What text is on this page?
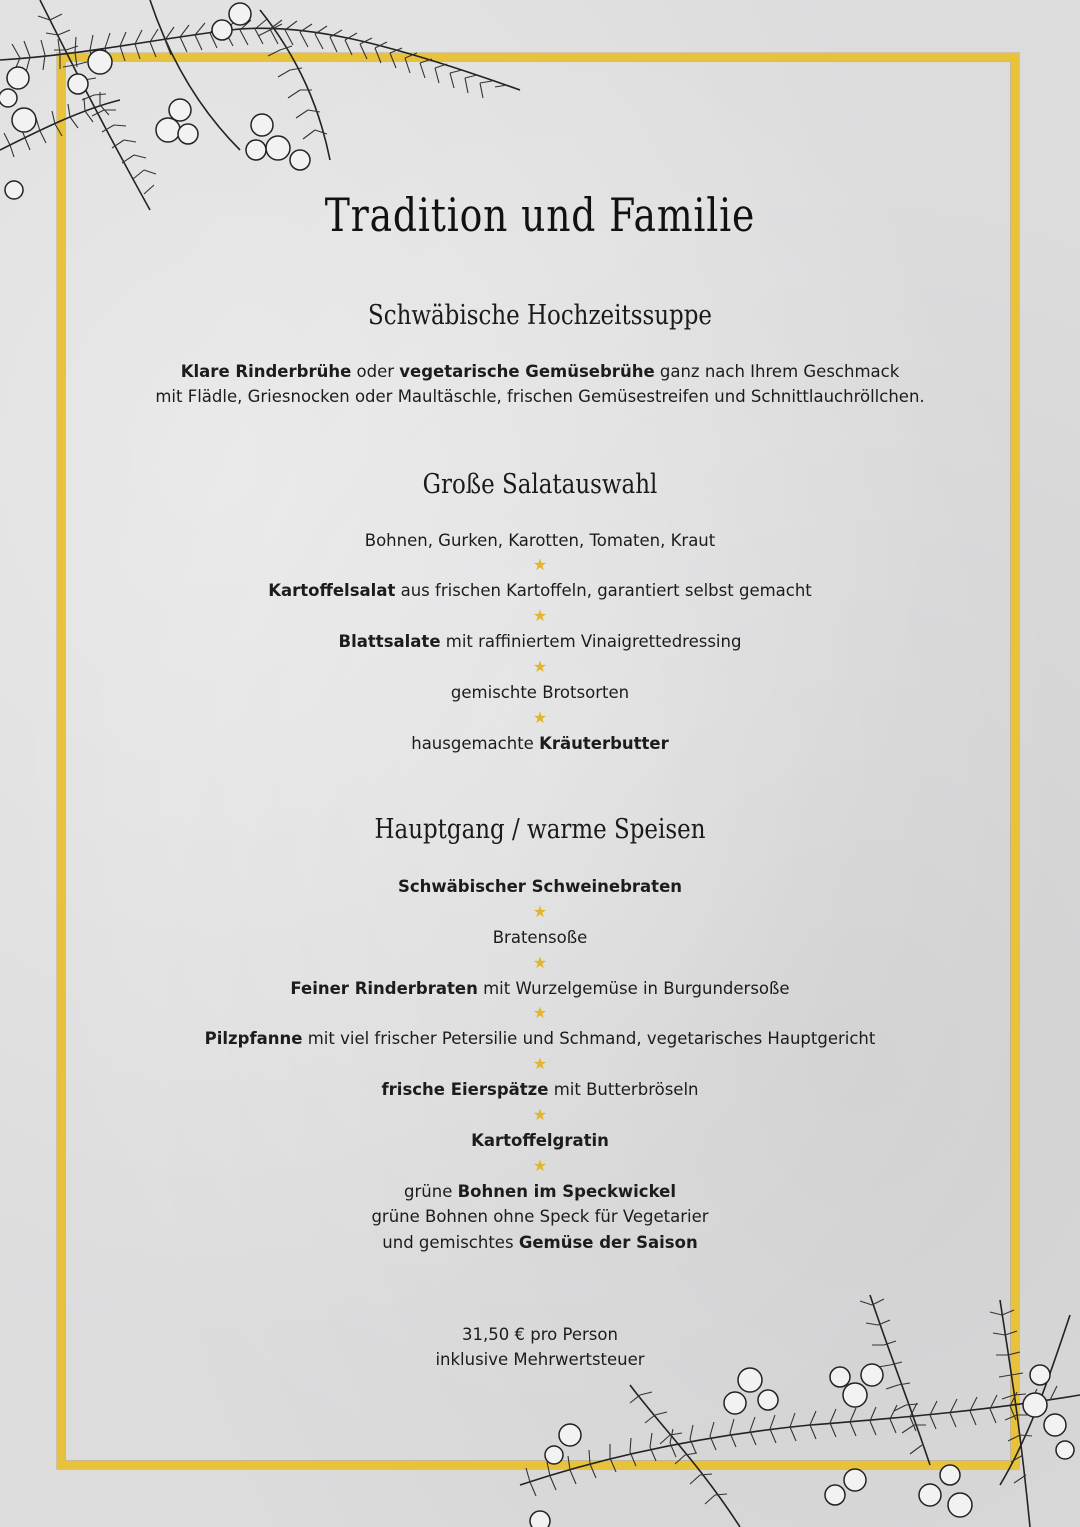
Tradition und Familie
Schwäbische Hochzeitssuppe
Klare Rinderbrühe oder vegetarische Gemüsebrühe ganz nach Ihrem Geschmack
mit Flädle, Griesnocken oder Maultäschle, frischen Gemüsestreifen und Schnittlauchröllchen.
Große Salatauswahl
Bohnen, Gurken, Karotten, Tomaten, Kraut
★
Kartoffelsalat aus frischen Kartoffeln, garantiert selbst gemacht
★
Blattsalate mit raffiniertem Vinaigrettedressing
★
gemischte Brotsorten
★
hausgemachte Kräuterbutter
Hauptgang / warme Speisen
Schwäbischer Schweinebraten
★
Bratensoße
★
Feiner Rinderbraten mit Wurzelgemüse in Burgundersoße
★
Pilzpfanne mit viel frischer Petersilie und Schmand, vegetarisches Hauptgericht
★
frische Eierspätze mit Butterbröseln
★
Kartoffelgratin
★
grüne Bohnen im Speckwickel
grüne Bohnen ohne Speck für Vegetarier
und gemischtes Gemüse der Saison
31,50 € pro Person
inklusive Mehrwertsteuer
